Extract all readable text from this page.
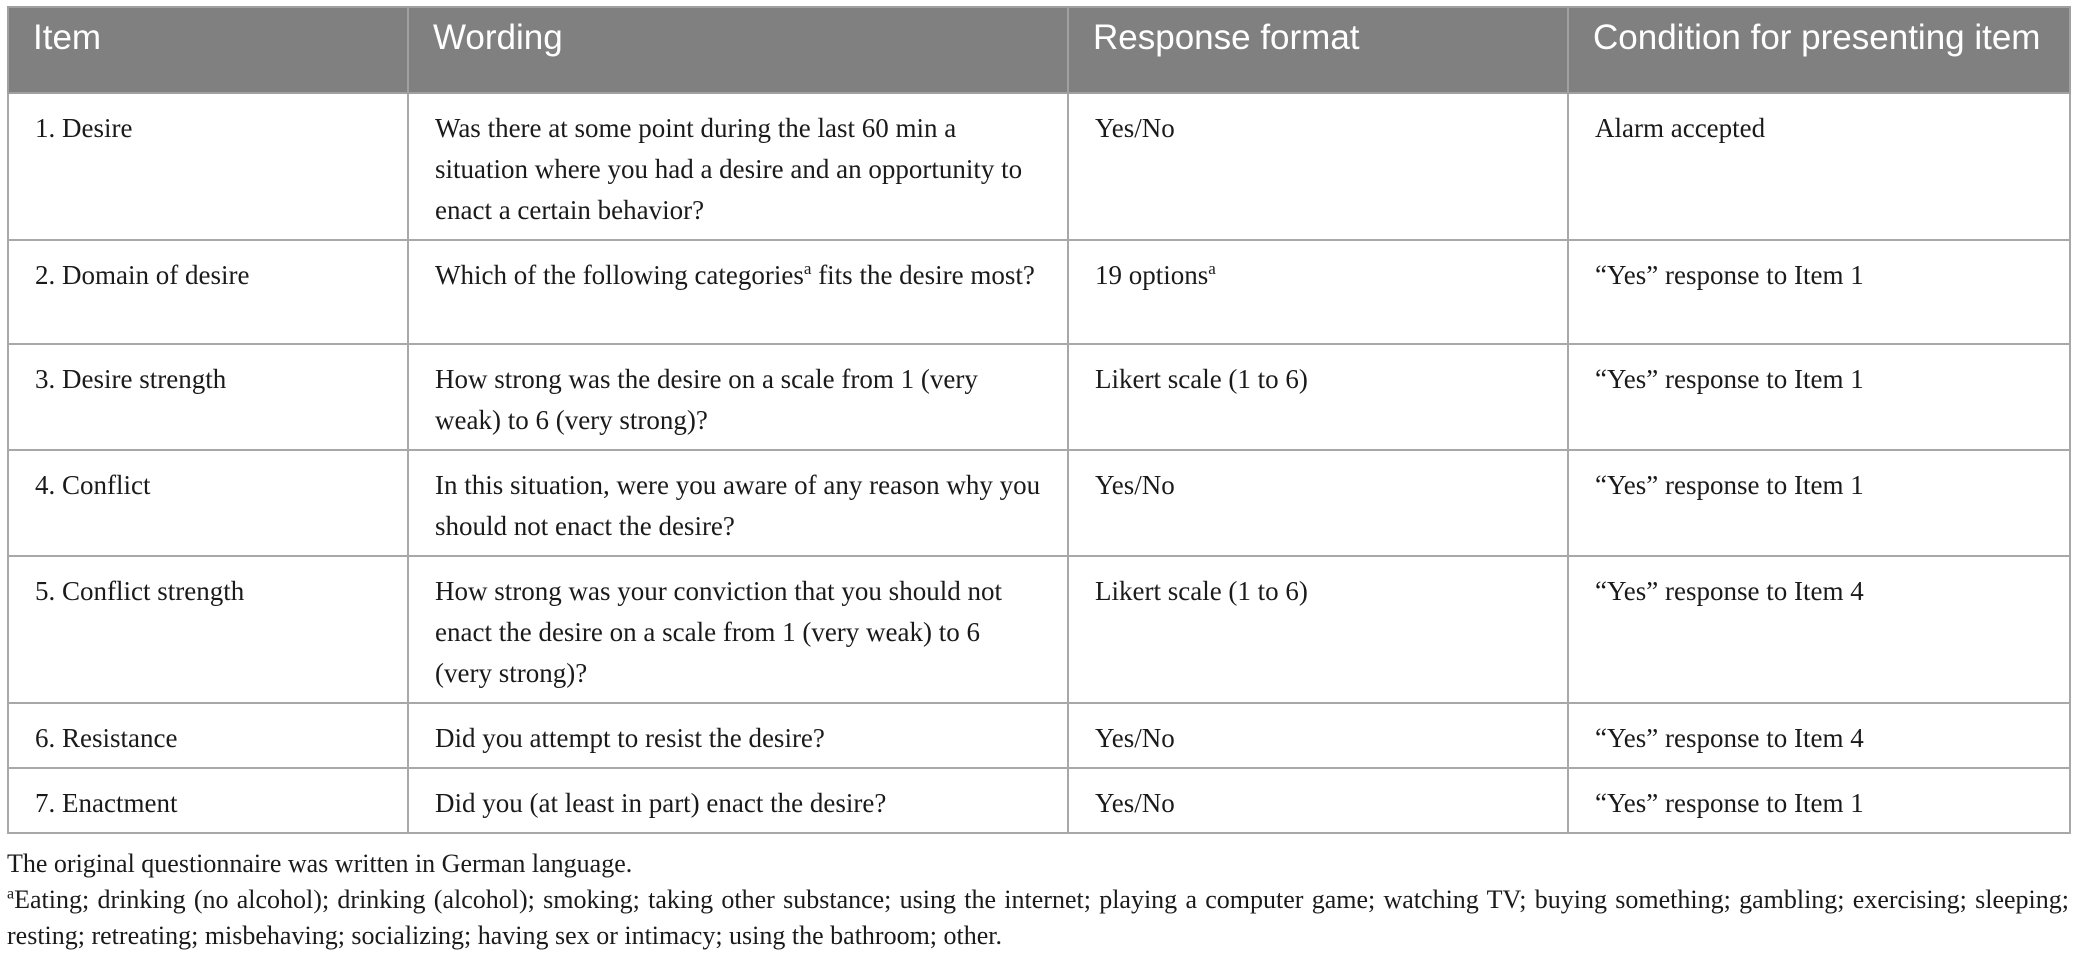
Item	Wording	Response format	Condition for presenting item
1. Desire	Was there at some point during the last 60 min a situation where you had a desire and an opportunity to enact a certain behavior?	Yes/No	Alarm accepted
2. Domain of desire	Which of the following categories$^a$ fits the desire most?	19 options$^a$	“Yes” response to Item 1
3. Desire strength	How strong was the desire on a scale from 1 (very weak) to 6 (very strong)?	Likert scale (1 to 6)	“Yes” response to Item 1
4. Conflict	In this situation, were you aware of any reason why you should not enact the desire?	Yes/No	“Yes” response to Item 1
5. Conflict strength	How strong was your conviction that you should not enact the desire on a scale from 1 (very weak) to 6 (very strong)?	Likert scale (1 to 6)	“Yes” response to Item 4
6. Resistance	Did you attempt to resist the desire?	Yes/No	“Yes” response to Item 4
7. Enactment	Did you (at least in part) enact the desire?	Yes/No	“Yes” response to Item 1

The original questionnaire was written in German language.

$^a$Eating; drinking (no alcohol); drinking (alcohol); smoking; taking other substance; using the internet; playing a computer game; watching TV; buying something; gambling; exercising; sleeping; resting; retreating; misbehaving; socializing; having sex or intimacy; using the bathroom; other.
